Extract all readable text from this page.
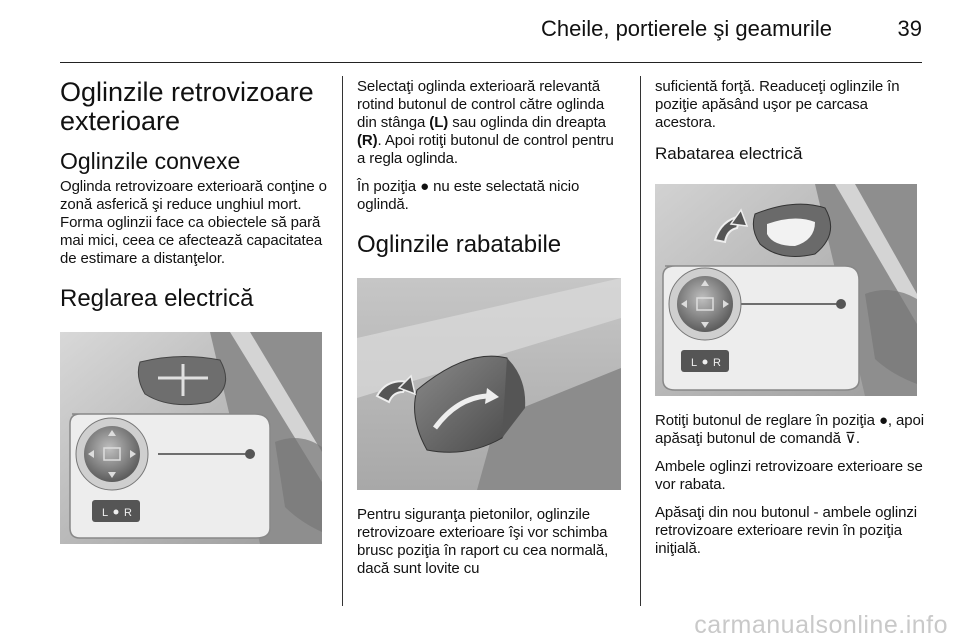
Cheile, portierele şi geamurile	39
Oglinzile retrovizoare exterioare
Oglinzile convexe

Oglinda retrovizoare exterioară conţine o zonă asferică şi reduce unghiul mort. Forma oglinzii face ca obiectele să pară mai mici, ceea ce afectează capacitatea de estimare a distanţelor.

Reglarea electrică
L R

Selectaţi oglinda exterioară relevantă rotind butonul de control către oglinda din stânga (L) sau oglinda din dreapta (R). Apoi rotiţi butonul de control pentru a regla oglinda.

În poziţia ● nu este selectată nicio oglindă.

Oglinzile rabatabile

Pentru siguranţa pietonilor, oglinzile retrovizoare exterioare îşi vor schimba brusc poziţia în raport cu cea normală, dacă sunt lovite cu

suficientă forţă. Readuceţi oglinzile în poziţie apăsând uşor pe carcasa acestora.

Rabatarea electrică
L R

Rotiţi butonul de reglare în poziţia ●, apoi apăsaţi butonul de comandă ⊽.

Ambele oglinzi retrovizoare exterioare se vor rabata.

Apăsaţi din nou butonul - ambele oglinzi retrovizoare exterioare revin în poziţia iniţială.

carmanualsonline.info
